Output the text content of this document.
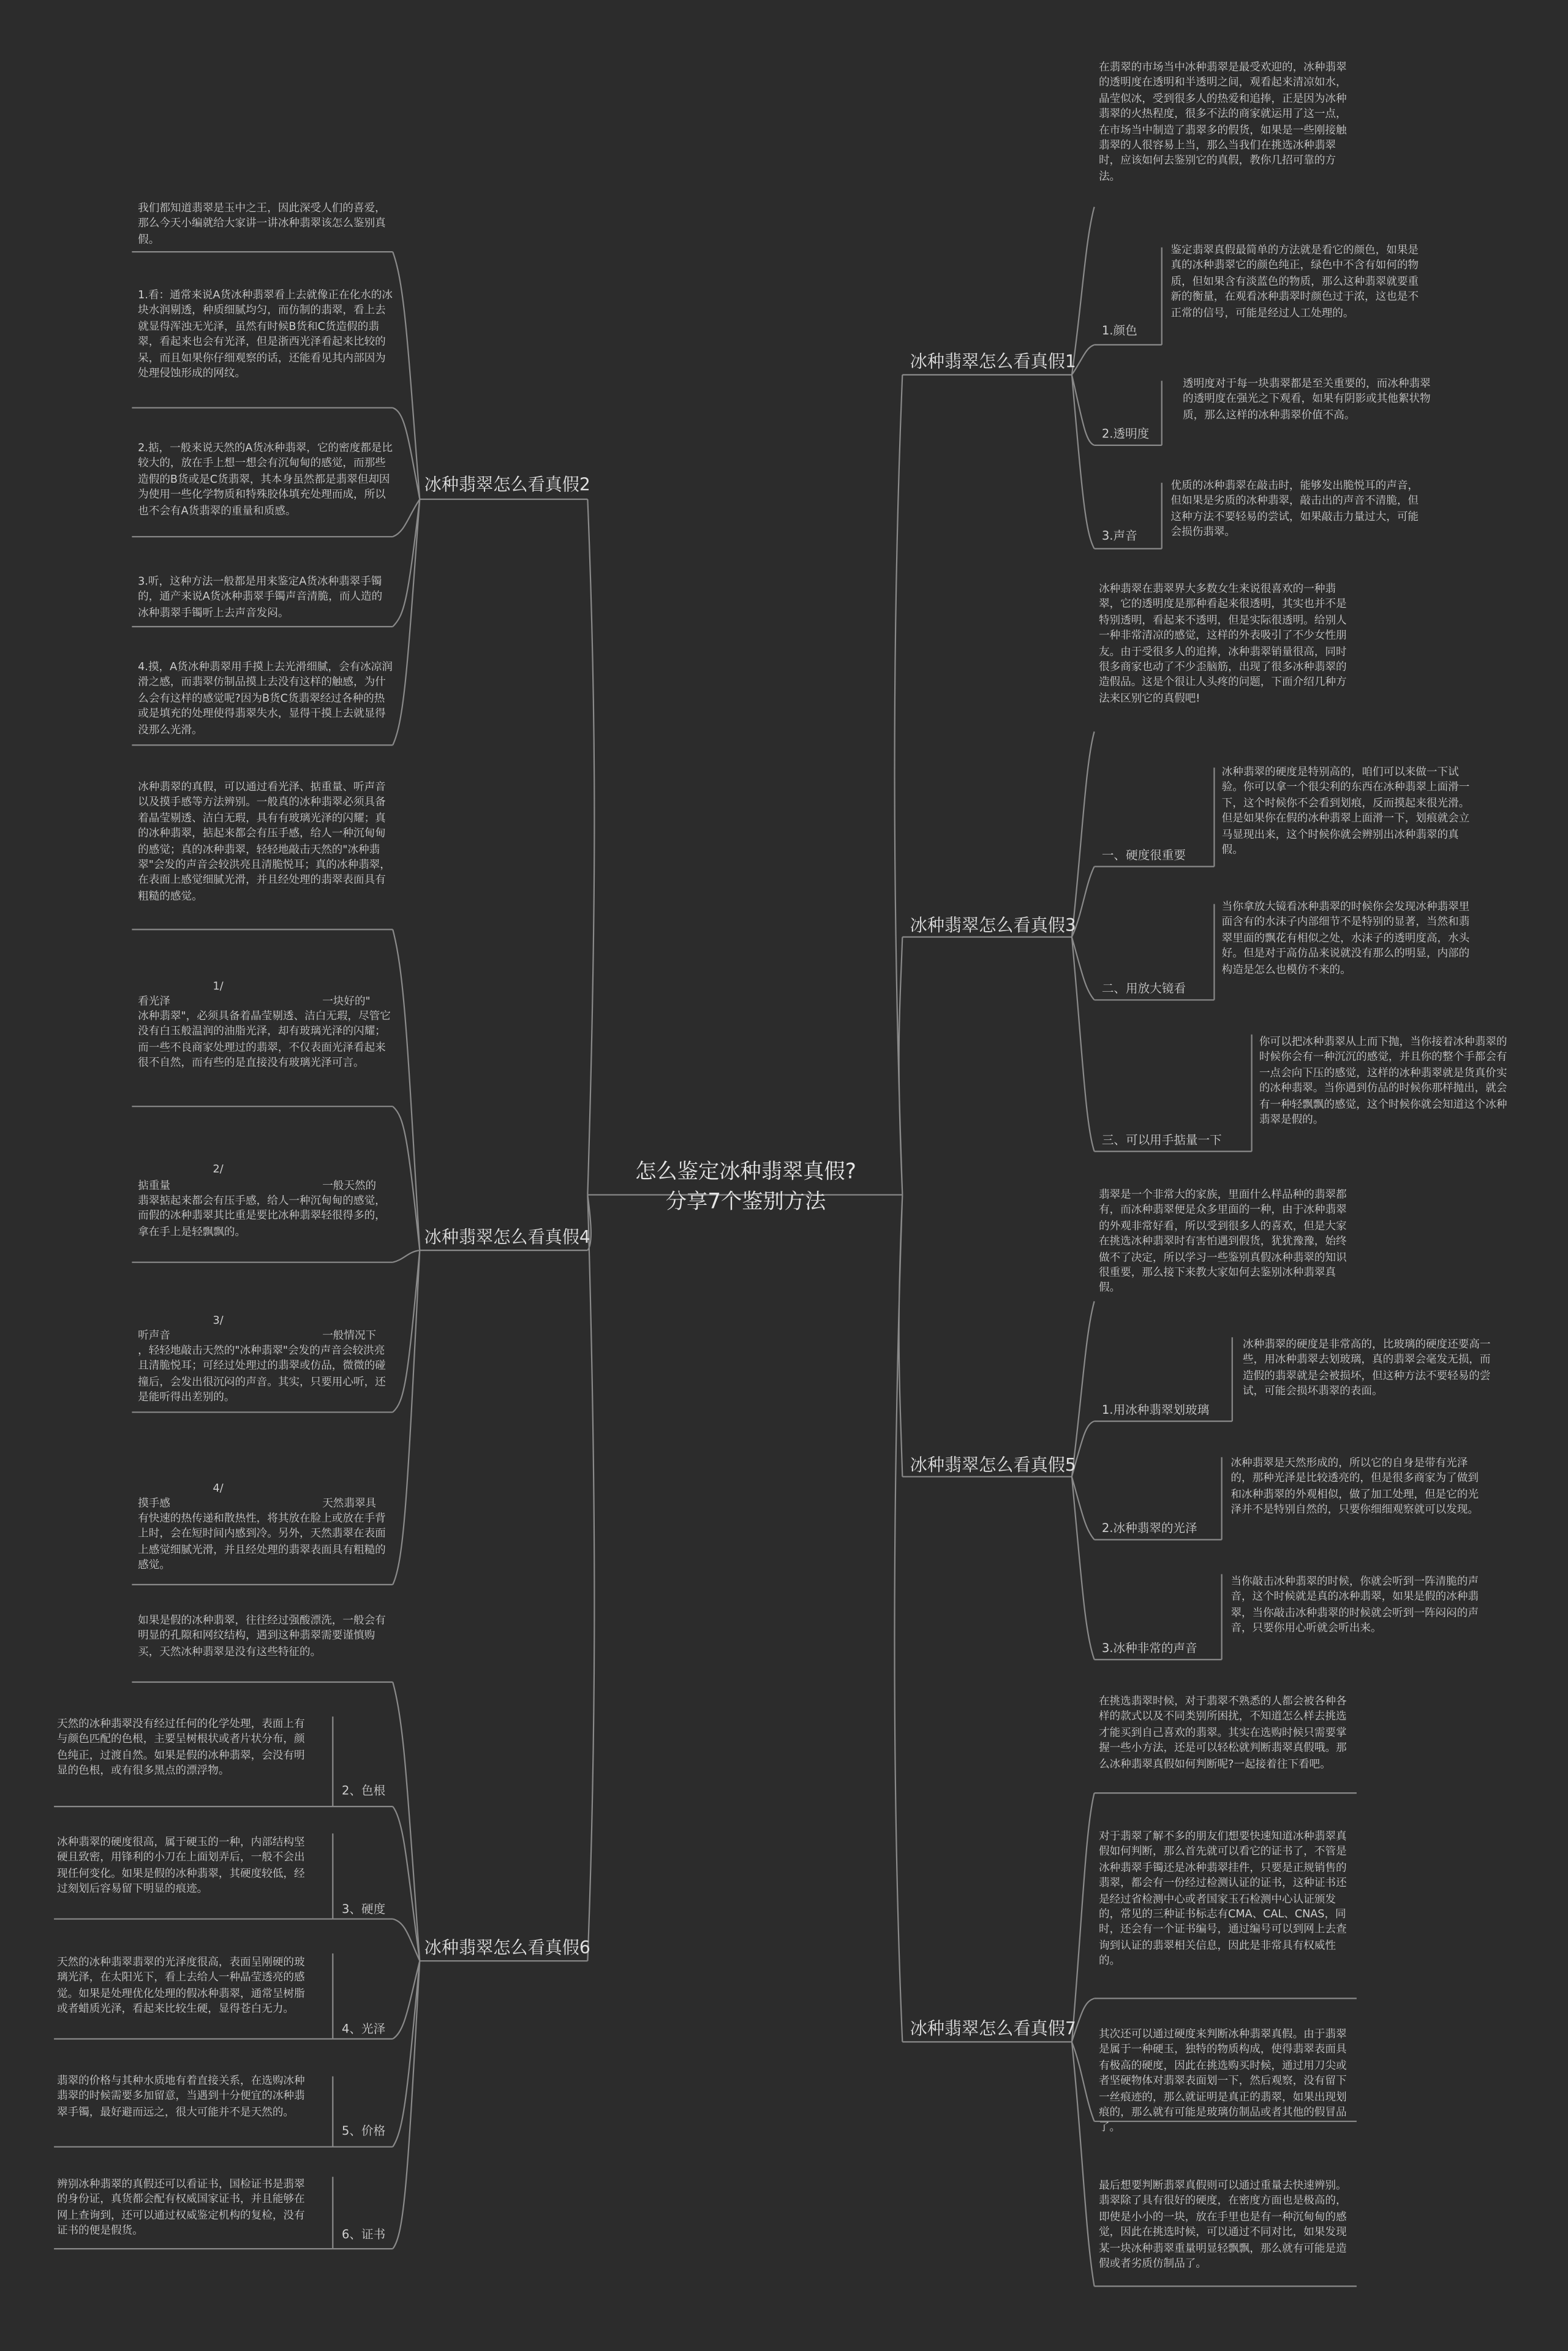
怎么鉴定冰种翡翠真假?
分享7个鉴别方法
冰种翡翠怎么看真假1
在翡翠的市场当中冰种翡翠是最受欢迎的，冰种翡翠的透明度在透明和半透明之间，观看起来清凉如水，晶莹似冰，受到很多人的热爱和追捧，正是因为冰种翡翠的火热程度，很多不法的商家就运用了这一点，在市场当中制造了翡翠多的假货，如果是一些刚接触翡翠的人很容易上当，那么当我们在挑选冰种翡翠时，应该如何去鉴别它的真假，教你几招可靠的方法。
1.颜色
鉴定翡翠真假最简单的方法就是看它的颜色，如果是真的冰种翡翠它的颜色纯正，绿色中不含有如何的物质，但如果含有淡蓝色的物质，那么这种翡翠就要重新的衡量，在观看冰种翡翠时颜色过于浓，这也是不正常的信号，可能是经过人工处理的。
2.透明度
透明度对于每一块翡翠都是至关重要的，而冰种翡翠的透明度在强光之下观看，如果有阴影或其他絮状物质，那么这样的冰种翡翠价值不高。
3.声音
优质的冰种翡翠在敲击时，能够发出脆悦耳的声音，但如果是劣质的冰种翡翠，敲击出的声音不清脆，但这种方法不要轻易的尝试，如果敲击力量过大，可能会损伤翡翠。
冰种翡翠怎么看真假3
冰种翡翠在翡翠界大多数女生来说很喜欢的一种翡翠，它的透明度是那种看起来很透明，其实也并不是特别透明，看起来不透明，但是实际很透明。给别人一种非常清凉的感觉，这样的外表吸引了不少女性朋友。由于受很多人的追捧，冰种翡翠销量很高，同时很多商家也动了不少歪脑筋，出现了很多冰种翡翠的造假品。这是个很让人头疼的问题，下面介绍几种方法来区别它的真假吧!
一、硬度很重要
冰种翡翠的硬度是特别高的，咱们可以来做一下试验。你可以拿一个很尖利的东西在冰种翡翠上面滑一下，这个时候你不会看到划痕，反而摸起来很光滑。但是如果你在假的冰种翡翠上面滑一下，划痕就会立马显现出来，这个时候你就会辨别出冰种翡翠的真假。
二、用放大镜看
当你拿放大镜看冰种翡翠的时候你会发现冰种翡翠里面含有的水沫子内部细节不是特别的显著，当然和翡翠里面的飘花有相似之处，水沫子的透明度高，水头好。但是对于高仿品来说就没有那么的明显，内部的构造是怎么也模仿不来的。
三、可以用手掂量一下
你可以把冰种翡翠从上而下抛，当你接着冰种翡翠的时候你会有一种沉沉的感觉，并且你的整个手都会有一点会向下压的感觉，这样的冰种翡翠就是货真价实的冰种翡翠。当你遇到仿品的时候你那样抛出，就会有一种轻飘飘的感觉，这个时候你就会知道这个冰种翡翠是假的。
冰种翡翠怎么看真假5
翡翠是一个非常大的家族，里面什么样品种的翡翠都有，而冰种翡翠便是众多里面的一种，由于冰种翡翠的外观非常好看，所以受到很多人的喜欢，但是大家在挑选冰种翡翠时有害怕遇到假货，犹犹豫豫，始终做不了决定，所以学习一些鉴别真假冰种翡翠的知识很重要，那么接下来教大家如何去鉴别冰种翡翠真假。
1.用冰种翡翠划玻璃
冰种翡翠的硬度是非常高的，比玻璃的硬度还要高一些，用冰种翡翠去划玻璃，真的翡翠会毫发无损，而造假的翡翠就是会被损坏，但这种方法不要轻易的尝试，可能会损坏翡翠的表面。
2.冰种翡翠的光泽
冰种翡翠是天然形成的，所以它的自身是带有光泽的，那种光泽是比较透亮的，但是很多商家为了做到和冰种翡翠的外观相似，做了加工处理，但是它的光泽并不是特别自然的，只要你细细观察就可以发现。
3.冰种非常的声音
当你敲击冰种翡翠的时候，你就会听到一阵清脆的声音，这个时候就是真的冰种翡翠，如果是假的冰种翡翠，当你敲击冰种翡翠的时候就会听到一阵闷闷的声音，只要你用心听就会听出来。
冰种翡翠怎么看真假7
在挑选翡翠时候，对于翡翠不熟悉的人都会被各种各样的款式以及不同类别所困扰，不知道怎么样去挑选才能买到自己喜欢的翡翠。其实在选购时候只需要掌握一些小方法，还是可以轻松就判断翡翠真假哦。那么冰种翡翠真假如何判断呢?一起接着往下看吧。
对于翡翠了解不多的朋友们想要快速知道冰种翡翠真假如何判断，那么首先就可以看它的证书了，不管是冰种翡翠手镯还是冰种翡翠挂件，只要是正规销售的翡翠，都会有一份经过检测认证的证书，这种证书还是经过省检测中心或者国家玉石检测中心认证颁发的，常见的三种证书标志有CMA、CAL、CNAS，同时，还会有一个证书编号，通过编号可以到网上去查询到认证的翡翠相关信息，因此是非常具有权威性的。
其次还可以通过硬度来判断冰种翡翠真假。由于翡翠是属于一种硬玉，独特的物质构成，使得翡翠表面具有极高的硬度，因此在挑选购买时候，通过用刀尖或者坚硬物体对翡翠表面划一下，然后观察，没有留下一丝痕迹的，那么就证明是真正的翡翠，如果出现划痕的，那么就有可能是玻璃仿制品或者其他的假冒品了。
最后想要判断翡翠真假则可以通过重量去快速辨别。翡翠除了具有很好的硬度，在密度方面也是极高的，即使是小小的一块，放在手里也是有一种沉甸甸的感觉，因此在挑选时候，可以通过不同对比，如果发现某一块冰种翡翠重量明显轻飘飘，那么就有可能是造假或者劣质仿制品了。
冰种翡翠怎么看真假2
我们都知道翡翠是玉中之王，因此深受人们的喜爱，那么今天小编就给大家讲一讲冰种翡翠该怎么鉴别真假。
1.看：通常来说A货冰种翡翠看上去就像正在化水的冰块水润剔透，种质细腻均匀，而仿制的翡翠，看上去就显得浑浊无光泽，虽然有时候B货和C货造假的翡翠，看起来也会有光泽，但是浙西光泽看起来比较的呆，而且如果你仔细观察的话，还能看见其内部因为处理侵蚀形成的网纹。
2.掂，一般来说天然的A货冰种翡翠，它的密度都是比较大的，放在手上想一想会有沉甸甸的感觉，而那些造假的B货或是C货翡翠，其本身虽然都是翡翠但却因为使用一些化学物质和特殊胶体填充处理而成，所以也不会有A货翡翠的重量和质感。
3.听，这种方法一般都是用来鉴定A货冰种翡翠手镯的，通产来说A货冰种翡翠手镯声音清脆，而人造的冰种翡翠手镯听上去声音发闷。
4.摸，A货冰种翡翠用手摸上去光滑细腻，会有冰凉润滑之感，而翡翠仿制品摸上去没有这样的触感，为什么会有这样的感觉呢?因为B货C货翡翠经过各种的热或是填充的处理使得翡翠失水，显得干摸上去就显得没那么光滑。
冰种翡翠怎么看真假4
冰种翡翠的真假，可以通过看光泽、掂重量、听声音以及摸手感等方法辨别。一般真的冰种翡翠必须具备着晶莹剔透、洁白无瑕，具有有玻璃光泽的闪耀；真的冰种翡翠，掂起来都会有压手感，给人一种沉甸甸的感觉；真的冰种翡翠，轻轻地敲击天然的"冰种翡翠"会发的声音会较洪亮且清脆悦耳；真的冰种翡翠，在表面上感觉细腻光滑，并且经处理的翡翠表面具有粗糙的感觉。
1/
看光泽	一块好的"
冰种翡翠"，必须具备着晶莹剔透、洁白无瑕，尽管它没有白玉般温润的油脂光泽，却有玻璃光泽的闪耀；而一些不良商家处理过的翡翠，不仅表面光泽看起来很不自然，而有些的是直接没有玻璃光泽可言。
2/
掂重量	一般天然的
翡翠掂起来都会有压手感，给人一种沉甸甸的感觉，而假的冰种翡翠其比重是要比冰种翡翠轻很得多的，拿在手上是轻飘飘的。
3/
听声音	一般情况下
，轻轻地敲击天然的"冰种翡翠"会发的声音会较洪亮且清脆悦耳；可经过处理过的翡翠或仿品，微微的碰撞后，会发出很沉闷的声音。其实，只要用心听，还是能听得出差别的。
4/
摸手感	天然翡翠具
有快速的热传递和散热性，将其放在脸上或放在手背上时，会在短时间内感到冷。另外，天然翡翠在表面上感觉细腻光滑，并且经处理的翡翠表面具有粗糙的感觉。
冰种翡翠怎么看真假6
如果是假的冰种翡翠，往往经过强酸漂洗，一般会有明显的孔隙和网纹结构，遇到这种翡翠需要谨慎购买，天然冰种翡翠是没有这些特征的。
2、色根
天然的冰种翡翠没有经过任何的化学处理，表面上有与颜色匹配的色根，主要呈树根状或者片状分布，颜色纯正，过渡自然。如果是假的冰种翡翠，会没有明显的色根，或有很多黑点的漂浮物。
3、硬度
冰种翡翠的硬度很高，属于硬玉的一种，内部结构坚硬且致密，用锋利的小刀在上面划弄后，一般不会出现任何变化。如果是假的冰种翡翠，其硬度较低，经过刻划后容易留下明显的痕迹。
4、光泽
天然的冰种翡翠翡翠的光泽度很高，表面呈刚硬的玻璃光泽，在太阳光下，看上去给人一种晶莹透亮的感觉。如果是处理优化处理的假冰种翡翠，通常呈树脂或者蜡质光泽，看起来比较生硬，显得苍白无力。
5、价格
翡翠的价格与其种水质地有着直接关系，在选购冰种翡翠的时候需要多加留意，当遇到十分便宜的冰种翡翠手镯，最好避而远之，很大可能并不是天然的。
6、证书
辨别冰种翡翠的真假还可以看证书，国检证书是翡翠的身份证，真货都会配有权威国家证书，并且能够在网上查询到，还可以通过权威鉴定机构的复检，没有证书的便是假货。
